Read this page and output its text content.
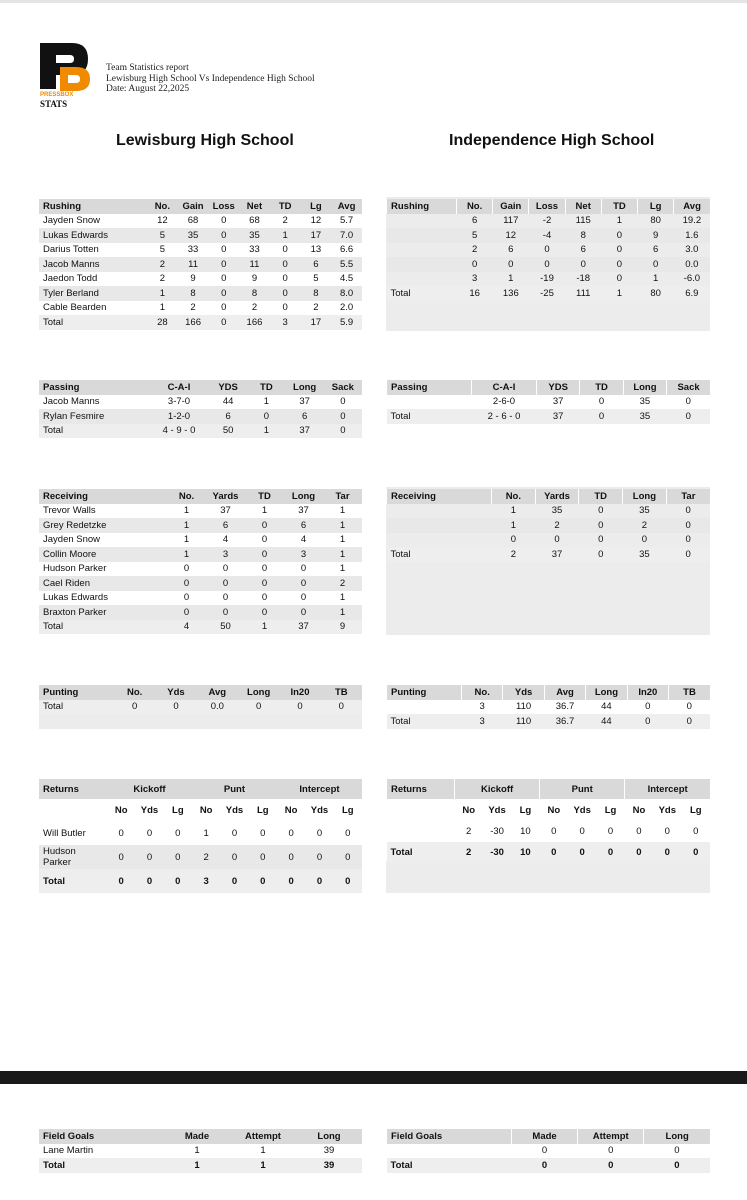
PRESSBOX
STATS
Team Statistics report
Lewisburg High School Vs Independence High School
Date: August 22,2025
Lewisburg High School	Independence High School
Rushing	No.	Gain	Loss	Net	TD	Lg	Avg
Jayden Snow	12	68	0	68	2	12	5.7
Lukas Edwards	5	35	0	35	1	17	7.0
Darius Totten	5	33	0	33	0	13	6.6
Jacob Manns	2	11	0	11	0	6	5.5
Jaedon Todd	2	9	0	9	0	5	4.5
Tyler Berland	1	8	0	8	0	8	8.0
Cable Bearden	1	2	0	2	0	2	2.0
Total	28	166	0	166	3	17	5.9
Rushing	No.	Gain	Loss	Net	TD	Lg	Avg
	6	117	-2	115	1	80	19.2
	5	12	-4	8	0	9	1.6
	2	6	0	6	0	6	3.0
	0	0	0	0	0	0	0.0
	3	1	-19	-18	0	1	-6.0
Total	16	136	-25	111	1	80	6.9
Passing	C-A-I	YDS	TD	Long	Sack
Jacob Manns	3-7-0	44	1	37	0
Rylan Fesmire	1-2-0	6	0	6	0
Total	4 - 9 - 0	50	1	37	0
Passing	C-A-I	YDS	TD	Long	Sack
	2-6-0	37	0	35	0
Total	2 - 6 - 0	37	0	35	0
Receiving	No.	Yards	TD	Long	Tar
Trevor Walls	1	37	1	37	1
Grey Redetzke	1	6	0	6	1
Jayden Snow	1	4	0	4	1
Collin Moore	1	3	0	3	1
Hudson Parker	0	0	0	0	1
Cael Riden	0	0	0	0	2
Lukas Edwards	0	0	0	0	1
Braxton Parker	0	0	0	0	1
Total	4	50	1	37	9
Receiving	No.	Yards	TD	Long	Tar
	1	35	0	35	0
	1	2	0	2	0
	0	0	0	0	0
Total	2	37	0	35	0
Punting	No.	Yds	Avg	Long	In20	TB
Total	0	0	0.0	0	0	0
Punting	No.	Yds	Avg	Long	In20	TB
	3	110	36.7	44	0	0
Total	3	110	36.7	44	0	0
Returns	Kickoff			Punt			Intercept		
	No	Yds	Lg	No	Yds	Lg	No	Yds	Lg
Will Butler	0	0	0	1	0	0	0	0	0
Hudson Parker	0	0	0	2	0	0	0	0	0
Total	0	0	0	3	0	0	0	0	0
Returns	Kickoff			Punt			Intercept		
	No	Yds	Lg	No	Yds	Lg	No	Yds	Lg
	2	-30	10	0	0	0	0	0	0
Total	2	-30	10	0	0	0	0	0	0
Field Goals	Made	Attempt	Long
Lane Martin	1	1	39
Total	1	1	39
Field Goals	Made	Attempt	Long
	0	0	0
Total	0	0	0
